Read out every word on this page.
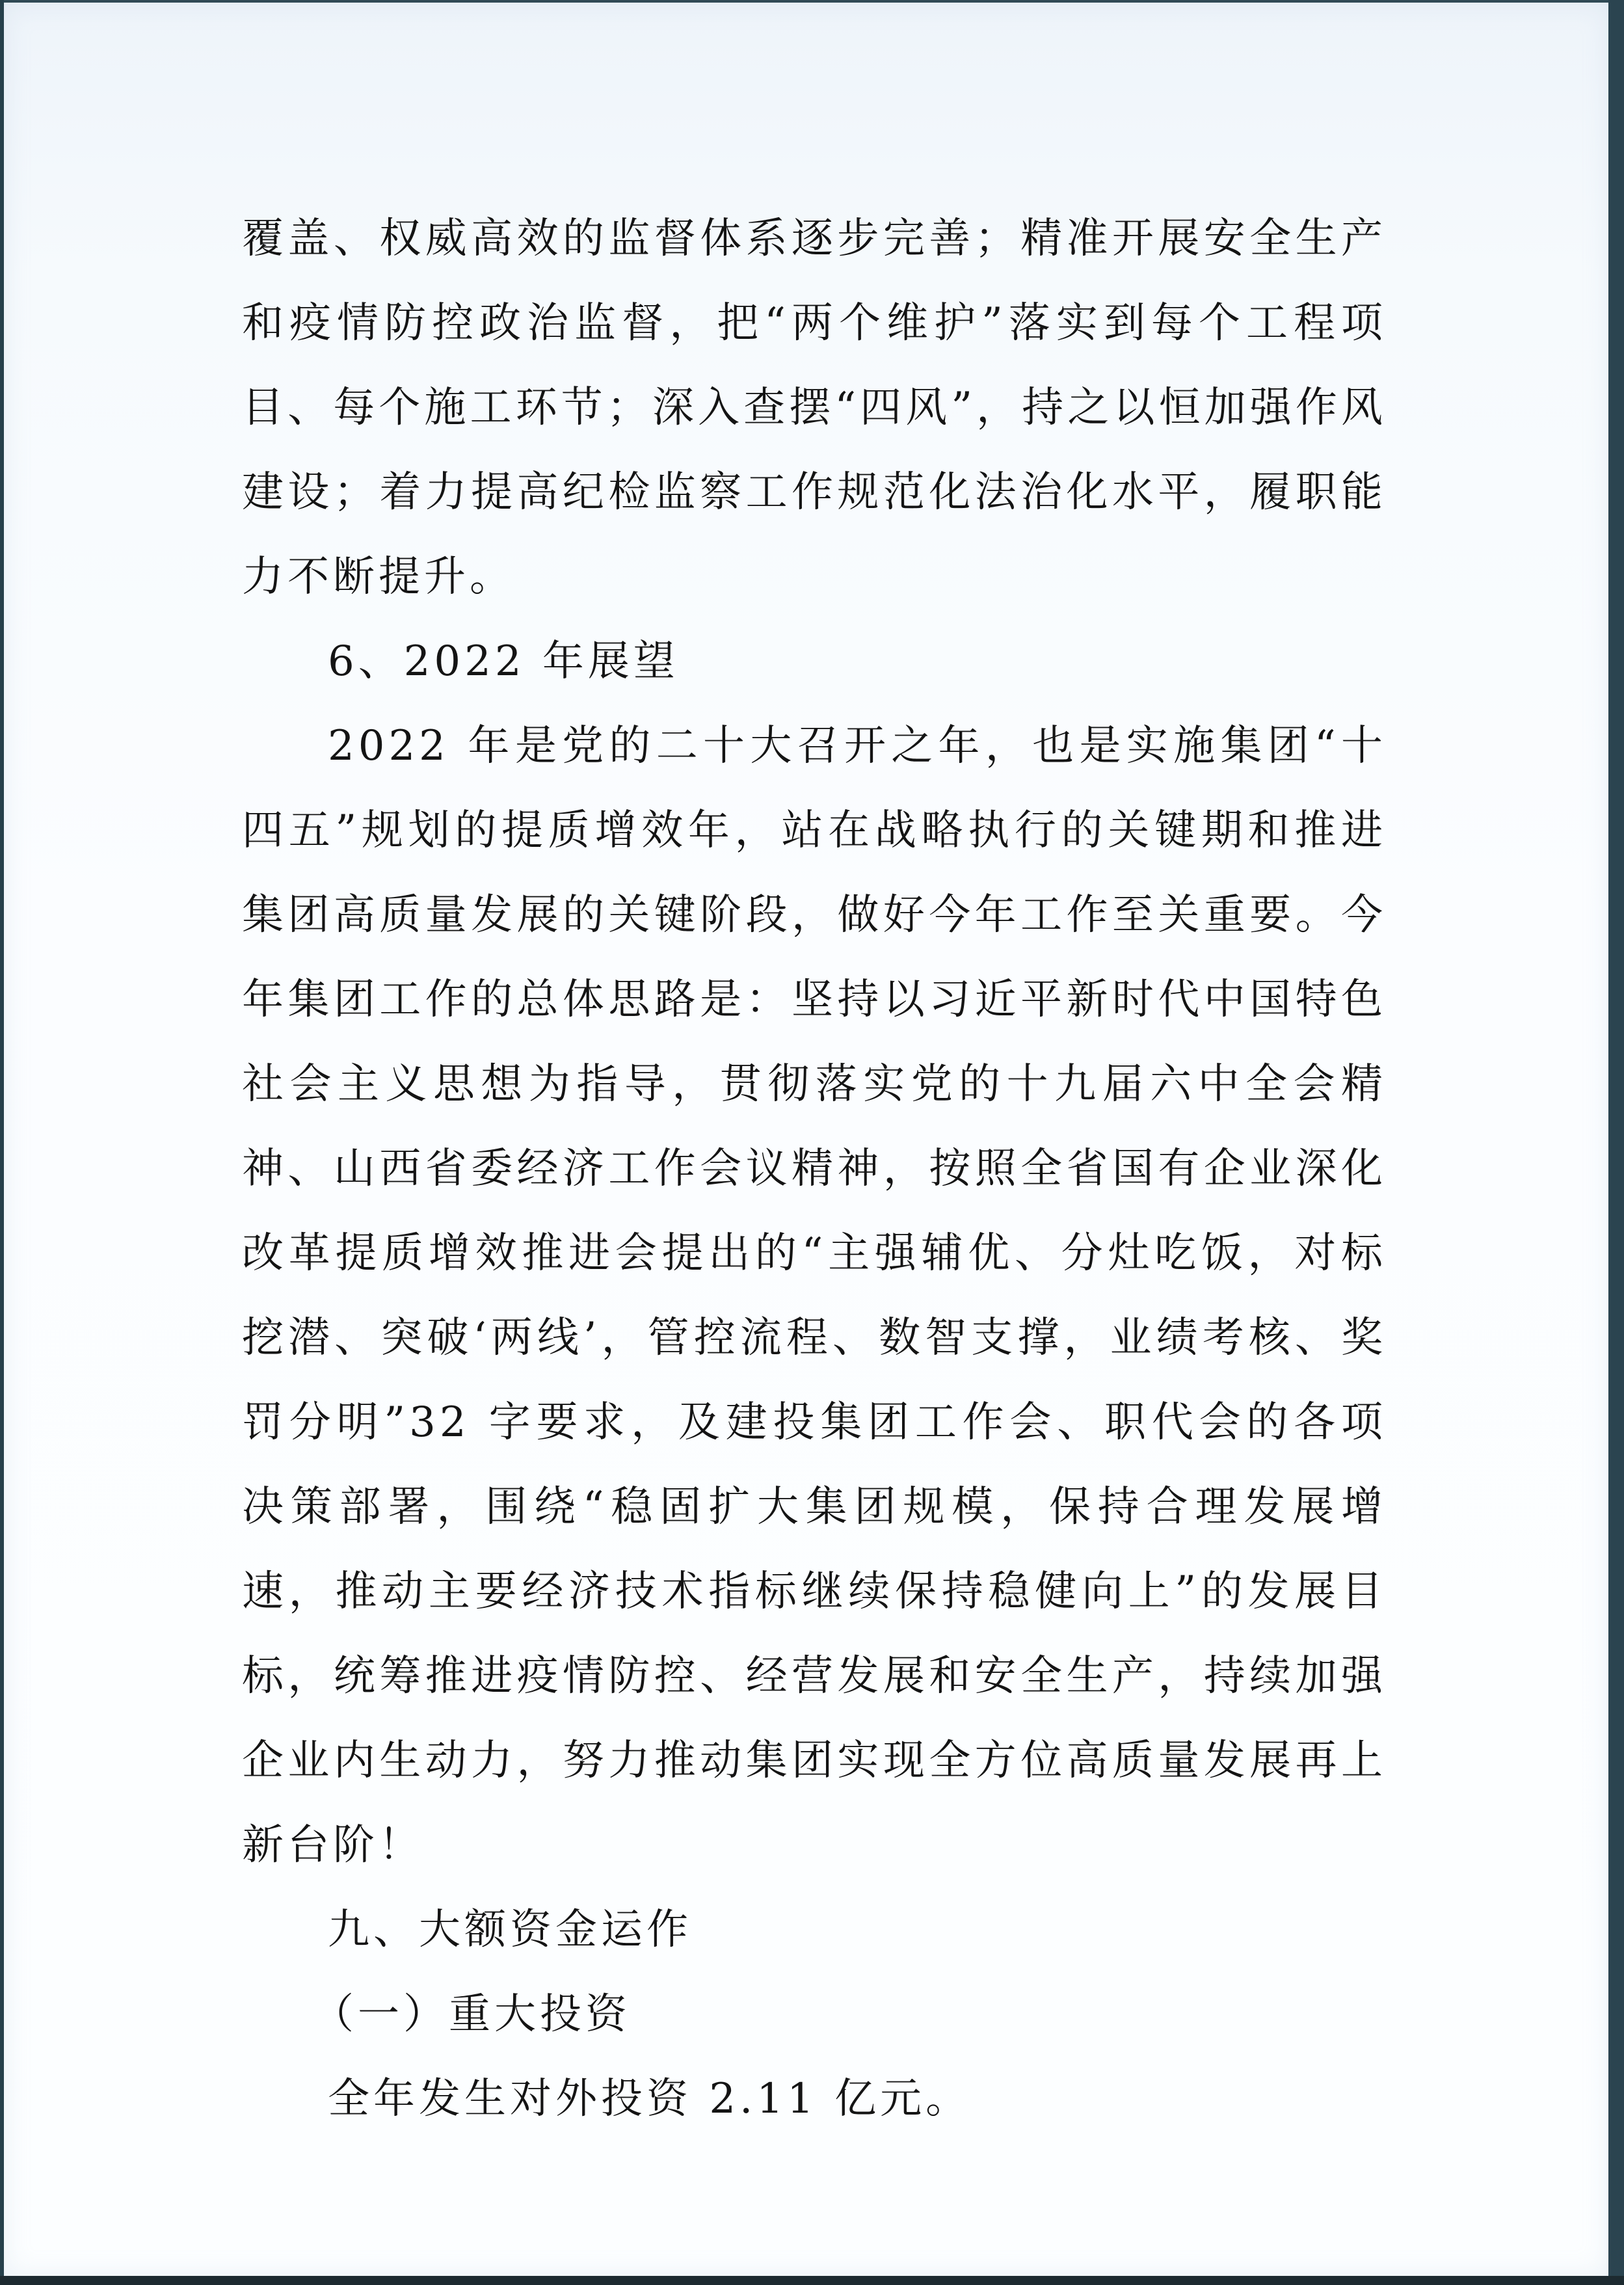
覆盖、权威高效的监督体系逐步完善；精准开展安全生产和疫情防控政治监督，把“两个维护”落实到每个工程项目、每个施工环节；深入查摆“四风”，持之以恒加强作风建设；着力提高纪检监察工作规范化法治化水平，履职能力不断提升。

6、2022 年展望

2022 年是党的二十大召开之年，也是实施集团“十四五”规划的提质增效年，站在战略执行的关键期和推进集团高质量发展的关键阶段，做好今年工作至关重要。今年集团工作的总体思路是：坚持以习近平新时代中国特色社会主义思想为指导，贯彻落实党的十九届六中全会精神、山西省委经济工作会议精神，按照全省国有企业深化改革提质增效推进会提出的“主强辅优、分灶吃饭，对标挖潜、突破‘两线’，管控流程、数智支撑，业绩考核、奖罚分明”32 字要求，及建投集团工作会、职代会的各项决策部署，围绕“稳固扩大集团规模，保持合理发展增速，推动主要经济技术指标继续保持稳健向上”的发展目标，统筹推进疫情防控、经营发展和安全生产，持续加强企业内生动力，努力推动集团实现全方位高质量发展再上新台阶！

九、大额资金运作

（一）重大投资

全年发生对外投资 2.11 亿元。
